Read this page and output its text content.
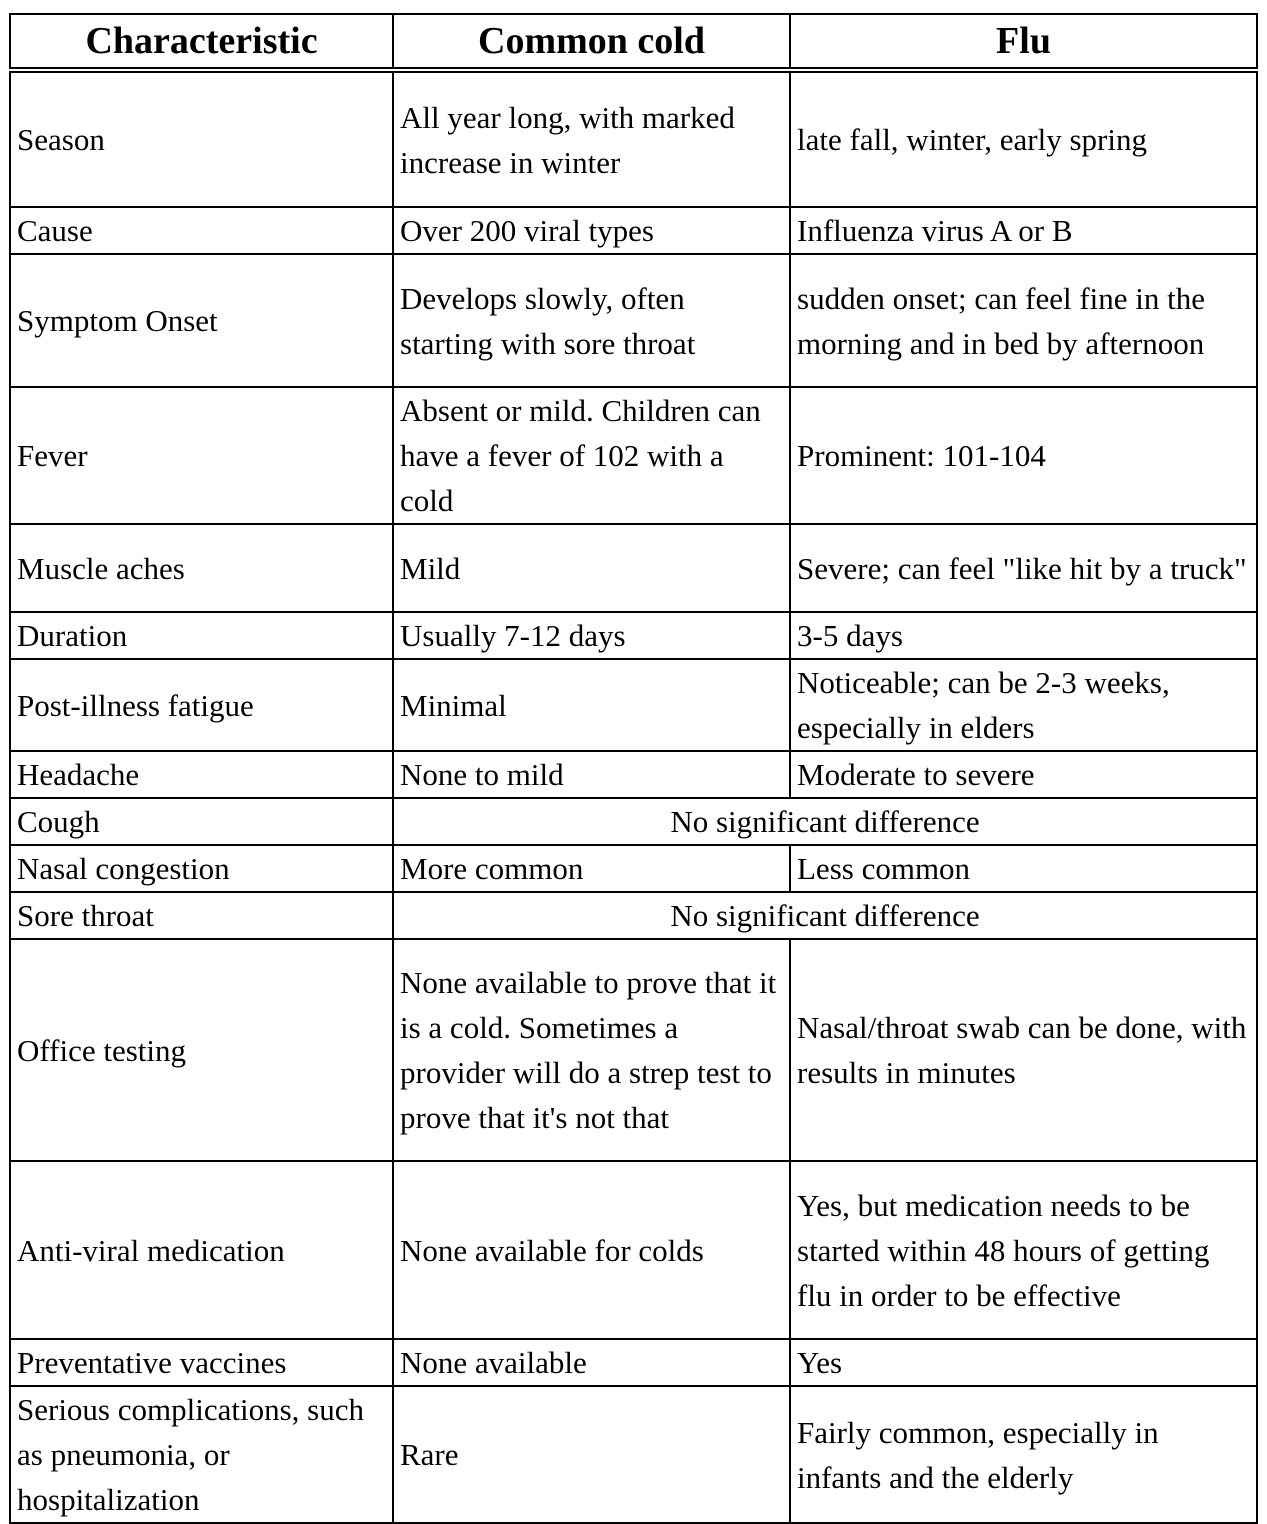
Characteristic	Common cold	Flu
Season	All year long, with marked increase in winter	late fall, winter, early spring
Cause	Over 200 viral types	Influenza virus A or B
Symptom Onset	Develops slowly, often starting with sore throat	sudden onset; can feel fine in the morning and in bed by afternoon
Fever	Absent or mild. Children can have a fever of 102 with a cold	Prominent: 101-104
Muscle aches	Mild	Severe; can feel "like hit by a truck"
Duration	Usually 7-12 days	3-5 days
Post-illness fatigue	Minimal	Noticeable; can be 2-3 weeks, especially in elders
Headache	None to mild	Moderate to severe
Cough	No significant difference	
Nasal congestion	More common	Less common
Sore throat	No significant difference	
Office testing	None available to prove that it is a cold. Sometimes a provider will do a strep test to prove that it's not that	Nasal/throat swab can be done, with results in minutes
Anti-viral medication	None available for colds	Yes, but medication needs to be started within 48 hours of getting flu in order to be effective
Preventative vaccines	None available	Yes
Serious complications, such as pneumonia, or hospitalization	Rare	Fairly common, especially in infants and the elderly
